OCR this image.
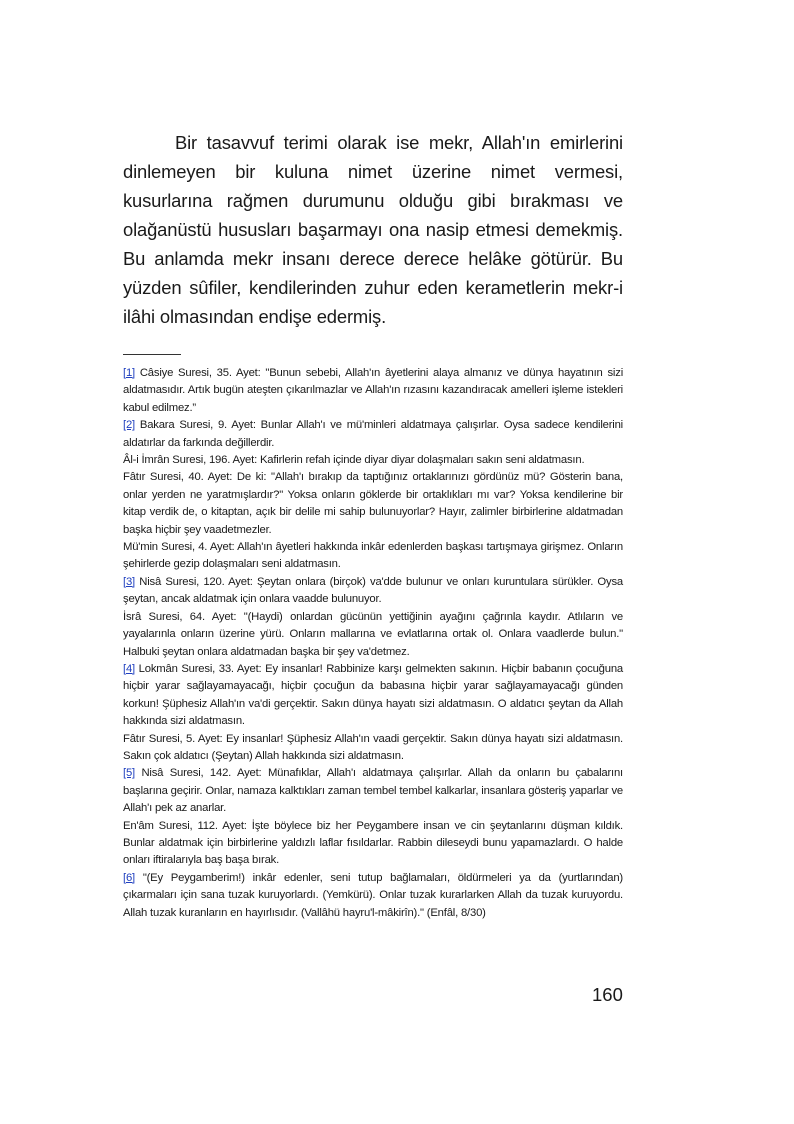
Bir tasavvuf terimi olarak ise mekr, Allah'ın emirlerini dinlemeyen bir kuluna nimet üzerine nimet vermesi, kusurlarına rağmen durumunu olduğu gibi bırakması ve olağanüstü hususları başarmayı ona nasip etmesi demekmiş. Bu anlamda mekr insanı derece derece helâke götürür. Bu yüzden sûfiler, kendilerinden zuhur eden kerametlerin mekr-i ilâhi olmasından endişe edermiş.

[1] Câsiye Suresi, 35. Ayet: "Bunun sebebi, Allah'ın âyetlerini alaya almanız ve dünya hayatının sizi aldatmasıdır. Artık bugün ateşten çıkarılmazlar ve Allah'ın rızasını kazandıracak amelleri işleme istekleri kabul edilmez.”

[2] Bakara Suresi, 9. Ayet: Bunlar Allah'ı ve mü'minleri aldatmaya çalışırlar. Oysa sadece kendilerini aldatırlar da farkında değillerdir.

Âl-i İmrân Suresi, 196. Ayet: Kafirlerin refah içinde diyar diyar dolaşmaları sakın seni aldatmasın.

Fâtır Suresi, 40. Ayet: De ki: "Allah'ı bırakıp da taptığınız ortaklarınızı gördünüz mü? Gösterin bana, onlar yerden ne yaratmışlardır?" Yoksa onların göklerde bir ortaklıkları mı var? Yoksa kendilerine bir kitap verdik de, o kitaptan, açık bir delile mi sahip bulunuyorlar? Hayır, zalimler birbirlerine aldatmadan başka hiçbir şey vaadetmezler.

Mü'min Suresi, 4. Ayet: Allah'ın âyetleri hakkında inkâr edenlerden başkası tartışmaya girişmez. Onların şehirlerde gezip dolaşmaları seni aldatmasın.

[3] Nisâ Suresi, 120. Ayet: Şeytan onlara (birçok) va'dde bulunur ve onları kuruntulara sürükler. Oysa şeytan, ancak aldatmak için onlara vaadde bulunuyor.

İsrâ Suresi, 64. Ayet: "(Haydi) onlardan gücünün yettiğinin ayağını çağrınla kaydır. Atlıların ve yayalarınla onların üzerine yürü. Onların mallarına ve evlatlarına ortak ol. Onlara vaadlerde bulun." Halbuki şeytan onlara aldatmadan başka bir şey va'detmez.

[4] Lokmân Suresi, 33. Ayet: Ey insanlar! Rabbinize karşı gelmekten sakının. Hiçbir babanın çocuğuna hiçbir yarar sağlayamayacağı, hiçbir çocuğun da babasına hiçbir yarar sağlayamayacağı günden korkun! Şüphesiz Allah'ın va'di gerçektir. Sakın dünya hayatı sizi aldatmasın. O aldatıcı şeytan da Allah hakkında sizi aldatmasın.

Fâtır Suresi, 5. Ayet: Ey insanlar! Şüphesiz Allah'ın vaadi gerçektir. Sakın dünya hayatı sizi aldatmasın. Sakın çok aldatıcı (Şeytan) Allah hakkında sizi aldatmasın.

[5] Nisâ Suresi, 142. Ayet: Münafıklar, Allah'ı aldatmaya çalışırlar. Allah da onların bu çabalarını başlarına geçirir. Onlar, namaza kalktıkları zaman tembel tembel kalkarlar, insanlara gösteriş yaparlar ve Allah'ı pek az anarlar.

En'âm Suresi, 112. Ayet: İşte böylece biz her Peygambere insan ve cin şeytanlarını düşman kıldık. Bunlar aldatmak için birbirlerine yaldızlı laflar fısıldarlar. Rabbin dileseydi bunu yapamazlardı. O halde onları iftiralarıyla baş başa bırak.

[6] "(Ey Peygamberim!) inkâr edenler, seni tutup bağlamaları, öldürmeleri ya da (yurtlarından) çıkarmaları için sana tuzak kuruyorlardı. (Yemkürü). Onlar tuzak kurarlarken Allah da tuzak kuruyordu. Allah tuzak kuranların en hayırlısıdır. (Vallâhü hayru'l-mâkirîn)." (Enfâl, 8/30)

160
